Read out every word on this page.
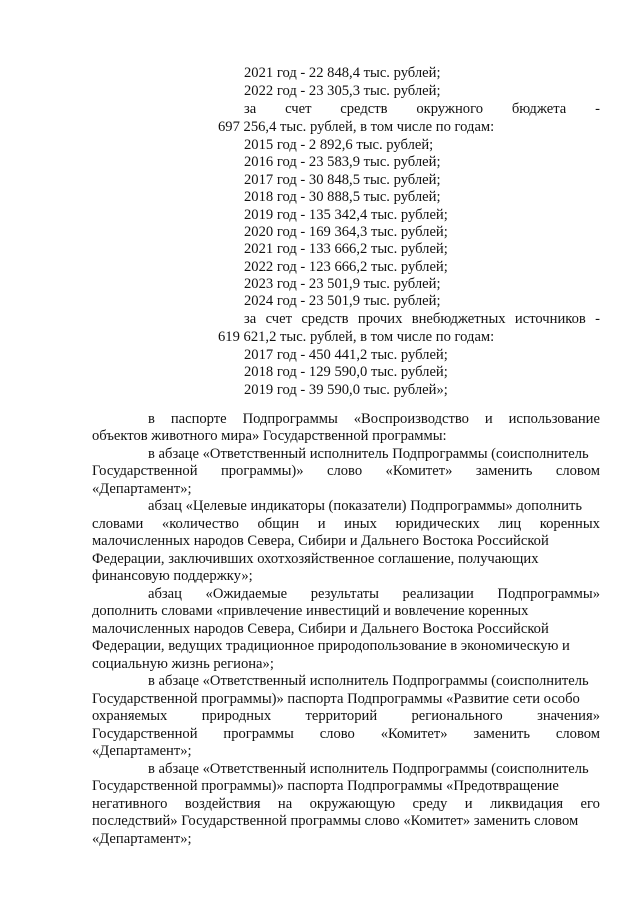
2021 год - 22 848,4 тыс. рублей;
2022 год - 23 305,3 тыс. рублей;
за счет средств окружного бюджета -
697 256,4 тыс. рублей, в том числе по годам:
2015 год - 2 892,6 тыс. рублей;
2016 год - 23 583,9 тыс. рублей;
2017 год - 30 848,5 тыс. рублей;
2018 год - 30 888,5 тыс. рублей;
2019 год - 135 342,4 тыс. рублей;
2020 год - 169 364,3 тыс. рублей;
2021 год - 133 666,2 тыс. рублей;
2022 год - 123 666,2 тыс. рублей;
2023 год - 23 501,9 тыс. рублей;
2024 год - 23 501,9 тыс. рублей;
за счет средств прочих внебюджетных источников -
619 621,2 тыс. рублей, в том числе по годам:
2017 год - 450 441,2 тыс. рублей;
2018 год - 129 590,0 тыс. рублей;
2019 год - 39 590,0 тыс. рублей»;
в паспорте Подпрограммы «Воспроизводство и использование
объектов животного мира» Государственной программы:
в абзаце «Ответственный исполнитель Подпрограммы (соисполнитель
Государственной программы)» слово «Комитет» заменить словом
«Департамент»;
абзац «Целевые индикаторы (показатели) Подпрограммы» дополнить
словами «количество общин и иных юридических лиц коренных
малочисленных народов Севера, Сибири и Дальнего Востока Российской
Федерации, заключивших охотхозяйственное соглашение, получающих
финансовую поддержку»;
абзац «Ожидаемые результаты реализации Подпрограммы»
дополнить словами «привлечение инвестиций и вовлечение коренных
малочисленных народов Севера, Сибири и Дальнего Востока Российской
Федерации, ведущих традиционное природопользование в экономическую и
социальную жизнь региона»;
в абзаце «Ответственный исполнитель Подпрограммы (соисполнитель
Государственной программы)» паспорта Подпрограммы «Развитие сети особо
охраняемых природных территорий регионального значения»
Государственной программы слово «Комитет» заменить словом
«Департамент»;
в абзаце «Ответственный исполнитель Подпрограммы (соисполнитель
Государственной программы)» паспорта Подпрограммы «Предотвращение
негативного воздействия на окружающую среду и ликвидация его
последствий» Государственной программы слово «Комитет» заменить словом
«Департамент»;
